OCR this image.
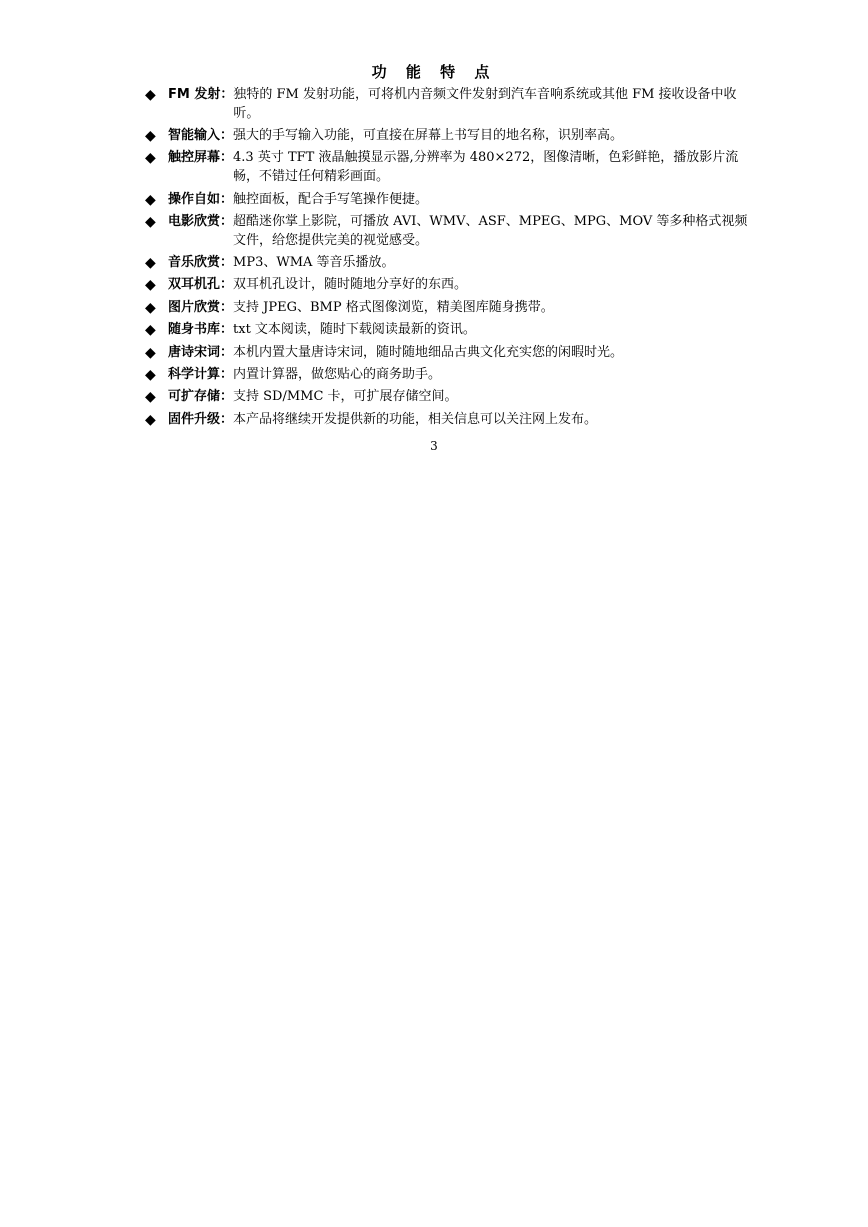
功 能 特 点
◆ FM 发射： 独特的 FM 发射功能，可将机内音频文件发射到汽车音响系统或其他 FM 接收设备中收听。
◆ 智能输入： 强大的手写输入功能，可直接在屏幕上书写目的地名称，识别率高。
◆ 触控屏幕： 4.3 英寸 TFT 液晶触摸显示器,分辨率为 480×272，图像清晰，色彩鲜艳，播放影片流畅，不错过任何精彩画面。
◆ 操作自如： 触控面板，配合手写笔操作便捷。
◆ 电影欣赏： 超酷迷你掌上影院，可播放 AVI、WMV、ASF、MPEG、MPG、MOV 等多种格式视频文件，给您提供完美的视觉感受。
◆ 音乐欣赏： MP3、WMA 等音乐播放。
◆ 双耳机孔： 双耳机孔设计，随时随地分享好的东西。
◆ 图片欣赏： 支持 JPEG、BMP 格式图像浏览，精美图库随身携带。
◆ 随身书库： txt 文本阅读，随时下载阅读最新的资讯。
◆ 唐诗宋词： 本机内置大量唐诗宋词，随时随地细品古典文化充实您的闲暇时光。
◆ 科学计算： 内置计算器，做您贴心的商务助手。
◆ 可扩存储： 支持 SD/MMC 卡，可扩展存储空间。
◆ 固件升级： 本产品将继续开发提供新的功能，相关信息可以关注网上发布。
3
